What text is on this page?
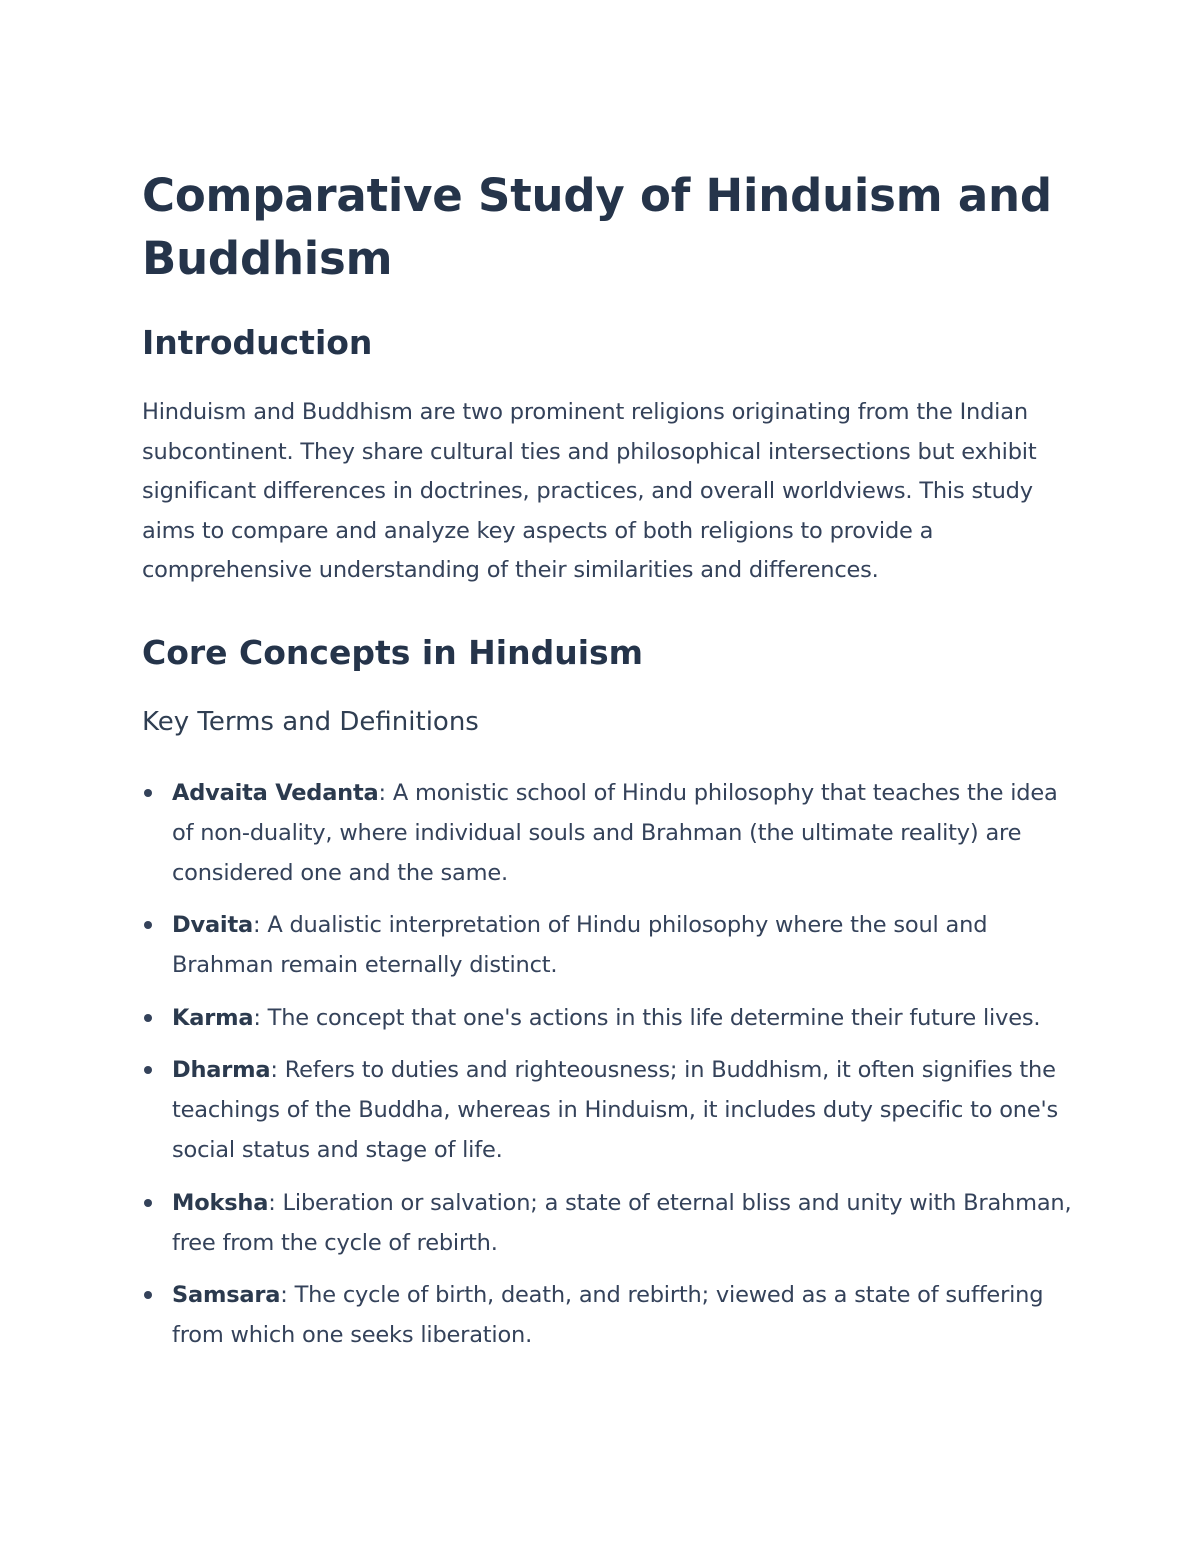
Comparative Study of Hinduism and Buddhism
Introduction

Hinduism and Buddhism are two prominent religions originating from the Indian subcontinent. They share cultural ties and philosophical intersections but exhibit significant differences in doctrines, practices, and overall worldviews. This study aims to compare and analyze key aspects of both religions to provide a comprehensive understanding of their similarities and differences.

Core Concepts in Hinduism
Key Terms and Definitions
Advaita Vedanta: A monistic school of Hindu philosophy that teaches the idea of non-duality, where individual souls and Brahman (the ultimate reality) are considered one and the same.
Dvaita: A dualistic interpretation of Hindu philosophy where the soul and Brahman remain eternally distinct.
Karma: The concept that one's actions in this life determine their future lives.
Dharma: Refers to duties and righteousness; in Buddhism, it often signifies the teachings of the Buddha, whereas in Hinduism, it includes duty specific to one's social status and stage of life.
Moksha: Liberation or salvation; a state of eternal bliss and unity with Brahman, free from the cycle of rebirth.
Samsara: The cycle of birth, death, and rebirth; viewed as a state of suffering from which one seeks liberation.
